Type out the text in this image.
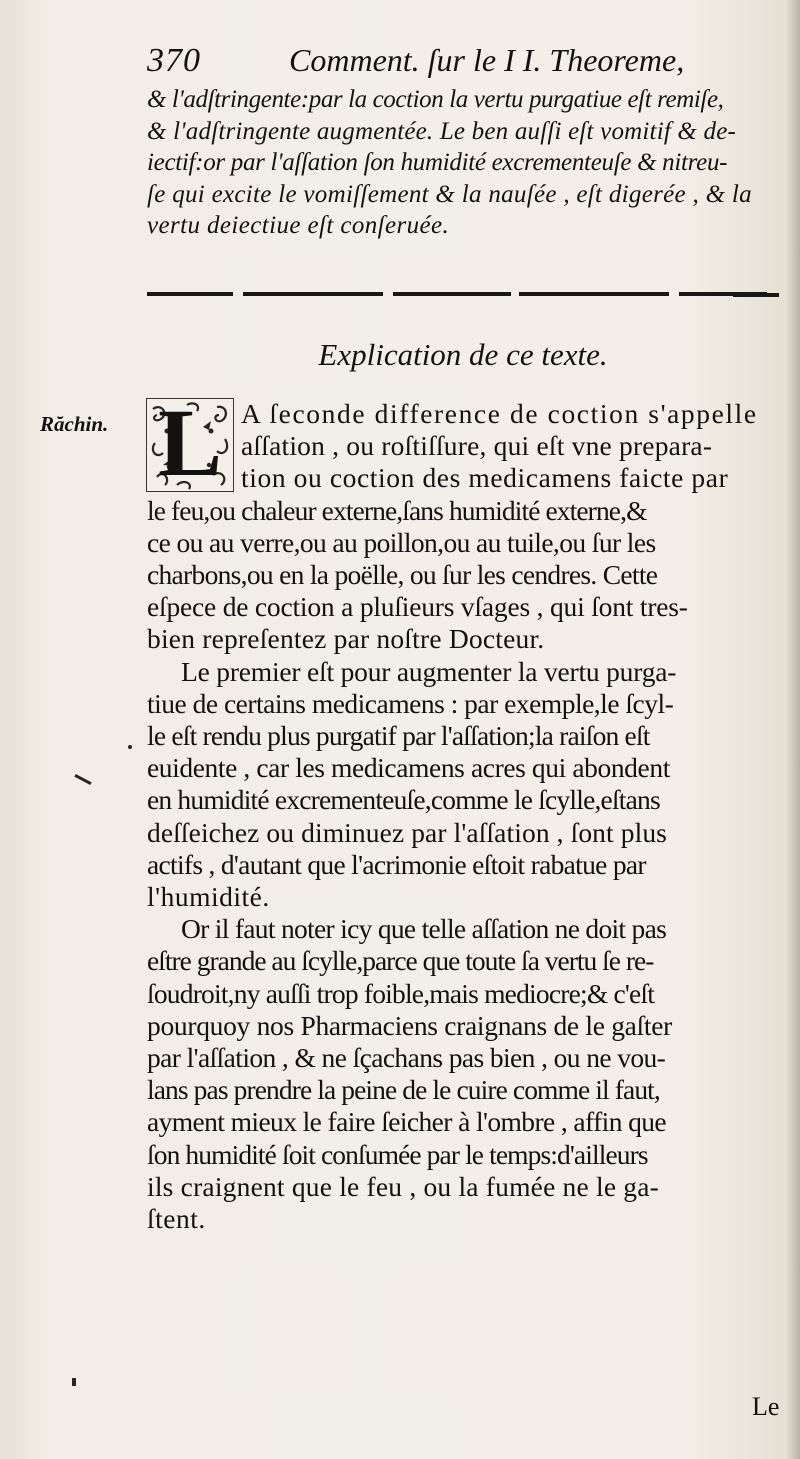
370	Comment. ſur le I I. Theoreme,
& l'adſtringente:par la coction la vertu purgatiue eſt remiſe,
& l'adſtringente augmentée. Le ben auſſi eſt vomitif & de-
iectif:or par l'aſſation ſon humidité excrementeuſe & nitreu-
ſe qui excite le vomiſſement & la nauſée , eſt digerée , & la
vertu deiectiue eſt conſeruée.
Explication de ce texte.
Răchin. L A ſeconde difference de coction s'appelle
aſſation , ou roſtiſſure, qui eſt vne prepara-
tion ou coction des medicamens faicte par
le feu,ou chaleur externe,ſans humidité externe,&
ce ou au verre,ou au poillon,ou au tuile,ou ſur les
charbons,ou en la poëlle, ou ſur les cendres. Cette
eſpece de coction a pluſieurs vſages , qui ſont tres-
bien repreſentez par noſtre Docteur.
Le premier eſt pour augmenter la vertu purga-
tiue de certains medicamens : par exemple,le ſcyl-
le eſt rendu plus purgatif par l'aſſation;la raiſon eſt
euidente , car les medicamens acres qui abondent
en humidité excrementeuſe,comme le ſcylle,eſtans
deſſeichez ou diminuez par l'aſſation , ſont plus
actifs , d'autant que l'acrimonie eſtoit rabatue par
l'humidité.
Or il faut noter icy que telle aſſation ne doit pas
eſtre grande au ſcylle,parce que toute ſa vertu ſe re-
ſoudroit,ny auſſi trop foible,mais mediocre;& c'eſt
pourquoy nos Pharmaciens craignans de le gaſter
par l'aſſation , & ne ſçachans pas bien , ou ne vou-
lans pas prendre la peine de le cuire comme il faut,
ayment mieux le faire ſeicher à l'ombre , affin que
ſon humidité ſoit conſumée par le temps:d'ailleurs
ils craignent que le feu , ou la fumée ne le ga-
ſtent.
Le
